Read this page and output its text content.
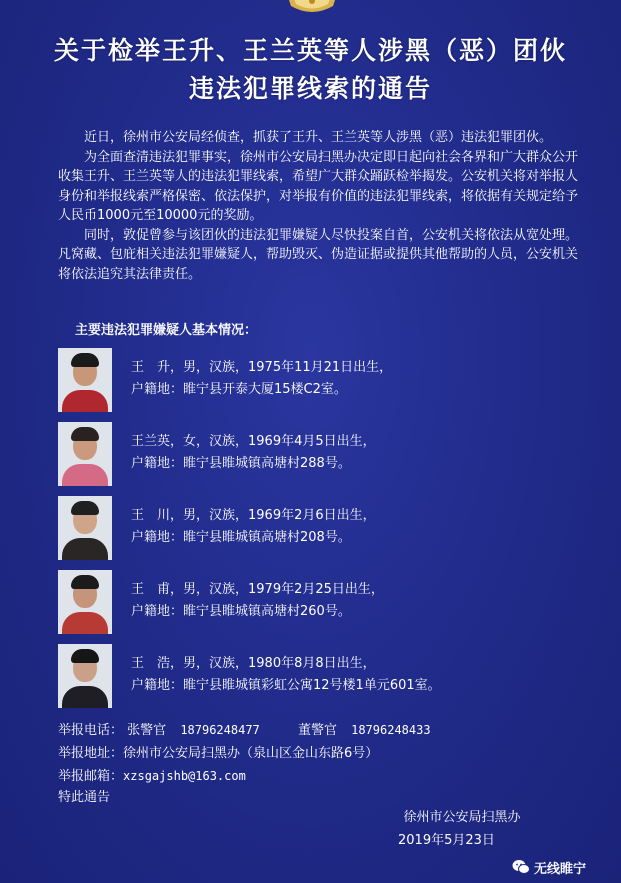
关于检举王升、王兰英等人涉黑（恶）团伙
违法犯罪线索的通告

近日，徐州市公安局经侦查，抓获了王升、王兰英等人涉黑（恶）违法犯罪团伙。

为全面查清违法犯罪事实，徐州市公安局扫黑办决定即日起向社会各界和广大群众公开收集王升、王兰英等人的违法犯罪线索，希望广大群众踊跃检举揭发。公安机关将对举报人身份和举报线索严格保密、依法保护，对举报有价值的违法犯罪线索，将依据有关规定给予人民币1000元至10000元的奖励。

同时，敦促曾参与该团伙的违法犯罪嫌疑人尽快投案自首，公安机关将依法从宽处理。凡窝藏、包庇相关违法犯罪嫌疑人，帮助毁灭、伪造证据或提供其他帮助的人员，公安机关将依法追究其法律责任。

主要违法犯罪嫌疑人基本情况：
王　升，男，汉族，1975年11月21日出生，
户籍地：睢宁县开泰大厦15楼C2室。
王兰英，女，汉族，1969年4月5日出生，
户籍地：睢宁县睢城镇高塘村288号。
王　川，男，汉族，1969年2月6日出生，
户籍地：睢宁县睢城镇高塘村208号。
王　甫，男，汉族，1979年2月25日出生，
户籍地：睢宁县睢城镇高塘村260号。
王　浩，男，汉族，1980年8月8日出生，
户籍地：睢宁县睢城镇彩虹公寓12号楼1单元601室。
举报电话： 张警官 18796248477	董警官 18796248433
举报地址：徐州市公安局扫黑办（泉山区金山东路6号）
举报邮箱：xzsgajshb@163.com
特此通告
徐州市公安局扫黑办
2019年5月23日
无线睢宁
